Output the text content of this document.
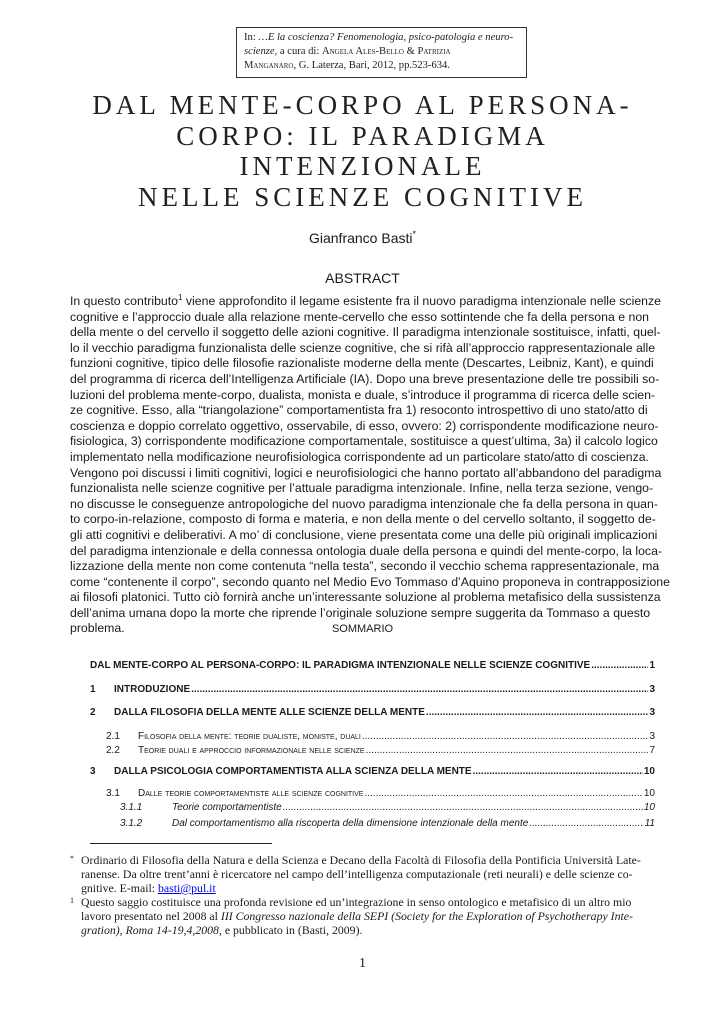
In: …E la coscienza? Fenomenologia, psico-patologia e neuro-
scienze, a cura di: Angela Ales-Bello & Patrizia
Manganaro, G. Laterza, Bari, 2012, pp.523-634.
DAL MENTE-CORPO AL PERSONA-
CORPO: IL PARADIGMA
INTENZIONALE
NELLE SCIENZE COGNITIVE
Gianfranco Basti*
ABSTRACT
In questo contributo$^1$ viene approfondito il legame esistente fra il nuovo paradigma intenzionale nelle scienze
cognitive e l’approccio duale alla relazione mente-cervello che esso sottintende che fa della persona e non
della mente o del cervello il soggetto delle azioni cognitive. Il paradigma intenzionale sostituisce, infatti, quel-
lo il vecchio paradigma funzionalista delle scienze cognitive, che si rifà all’approccio rappresentazionale alle
funzioni cognitive, tipico delle filosofie razionaliste moderne della mente (Descartes, Leibniz, Kant), e quindi
del programma di ricerca dell’Intelligenza Artificiale (IA). Dopo una breve presentazione delle tre possibili so-
luzioni del problema mente-corpo, dualista, monista e duale, s’introduce il programma di ricerca delle scien-
ze cognitive. Esso, alla “triangolazione” comportamentista fra 1) resoconto introspettivo di uno stato/atto di
coscienza e doppio correlato oggettivo, osservabile, di esso, ovvero: 2) corrispondente modificazione neuro-
fisiologica, 3) corrispondente modificazione comportamentale, sostituisce a quest’ultima, 3a) il calcolo logico
implementato nella modificazione neurofisiologica corrispondente ad un particolare stato/atto di coscienza.
Vengono poi discussi i limiti cognitivi, logici e neurofisiologici che hanno portato all’abbandono del paradigma
funzionalista nelle scienze cognitive per l’attuale paradigma intenzionale. Infine, nella terza sezione, vengo-
no discusse le conseguenze antropologiche del nuovo paradigma intenzionale che fa della persona in quan-
to corpo-in-relazione, composto di forma e materia, e non della mente o del cervello soltanto, il soggetto de-
gli atti cognitivi e deliberativi. A mo’ di conclusione, viene presentata come una delle più originali implicazioni
del paradigma intenzionale e della connessa ontologia duale della persona e quindi del mente-corpo, la loca-
lizzazione della mente non come contenuta “nella testa”, secondo il vecchio schema rappresentazionale, ma
come “contenente il corpo”, secondo quanto nel Medio Evo Tommaso d’Aquino proponeva in contrapposizione
ai filosofi platonici. Tutto ciò fornirà anche un’interessante soluzione al problema metafisico della sussistenza
dell’anima umana dopo la morte che riprende l’originale soluzione sempre suggerita da Tommaso a questo
problema.	SOMMARIO
DAL MENTE-CORPO AL PERSONA-CORPO: IL PARADIGMA INTENZIONALE NELLE SCIENZE COGNITIVE .....	1
1	INTRODUZIONE .....	3
2	DALLA FILOSOFIA DELLA MENTE ALLE SCIENZE DELLA MENTE .....	3
2.1	Filosofia della mente: teorie dualiste, moniste, duali .....	3
2.2	Teorie duali e approccio informazionale nelle scienze .....	7
3	DALLA PSICOLOGIA COMPORTAMENTISTA ALLA SCIENZA DELLA MENTE .....	10
3.1	Dalle teorie comportamentiste alle scienze cognitive .....	10
3.1.1	Teorie comportamentiste .....	10
3.1.2	Dal comportamentismo alla riscoperta della dimensione intenzionale della mente .....	11
* Ordinario di Filosofia della Natura e della Scienza e Decano della Facoltà di Filosofia della Pontificia Università Late-
ranense. Da oltre trent’anni è ricercatore nel campo dell’intelligenza computazionale (reti neurali) e delle scienze co-
gnitive. E-mail: basti@pul.it
1 Questo saggio costituisce una profonda revisione ed un’integrazione in senso ontologico e metafisico di un altro mio
lavoro presentato nel 2008 al III Congresso nazionale della SEPI (Society for the Exploration of Psychotherapy Inte-
gration), Roma 14-19,4,2008, e pubblicato in (Basti, 2009).
1
